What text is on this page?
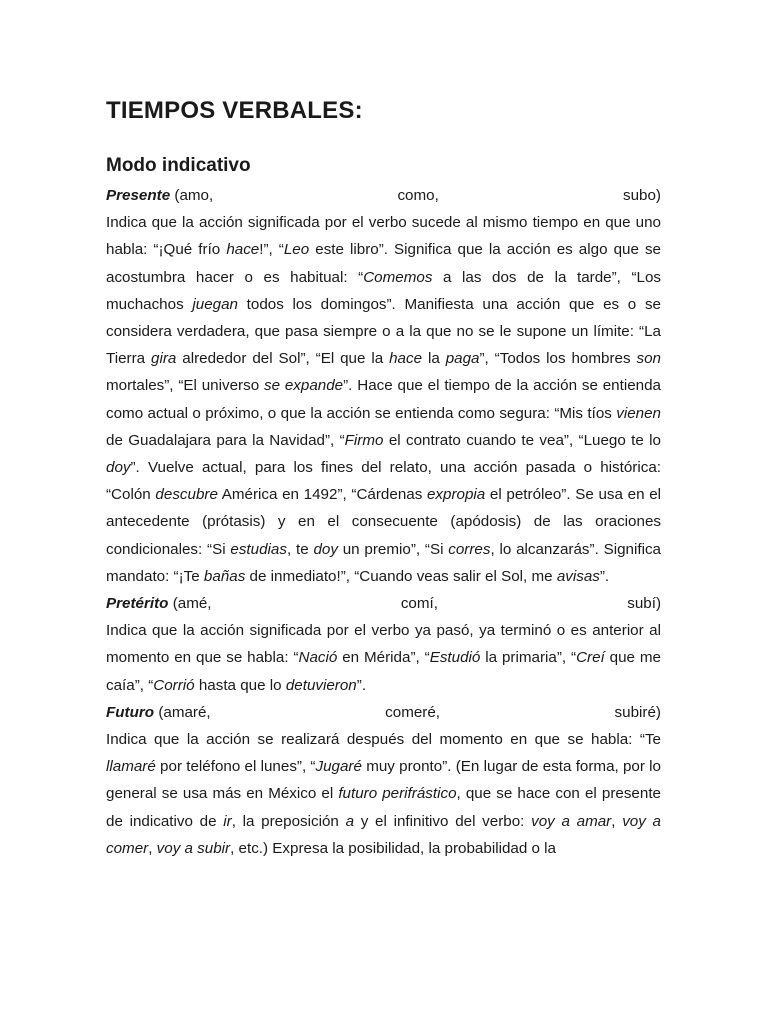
TIEMPOS VERBALES:
Modo indicativo

Presente (amo,	como,	subo)

Indica que la acción significada por el verbo sucede al mismo tiempo en que uno habla: “¡Qué frío hace!”, “Leo este libro”. Significa que la acción es algo que se acostumbra hacer o es habitual: “Comemos a las dos de la tarde”, “Los muchachos juegan todos los domingos”. Manifiesta una acción que es o se considera verdadera, que pasa siempre o a la que no se le supone un límite: “La Tierra gira alrededor del Sol”, “El que la hace la paga”, “Todos los hombres son mortales”, “El universo se expande”. Hace que el tiempo de la acción se entienda como actual o próximo, o que la acción se entienda como segura: “Mis tíos vienen de Guadalajara para la Navidad”, “Firmo el contrato cuando te vea”, “Luego te lo doy”. Vuelve actual, para los fines del relato, una acción pasada o histórica: “Colón descubre América en 1492”, “Cárdenas expropia el petróleo”. Se usa en el antecedente (prótasis) y en el consecuente (apódosis) de las oraciones condicionales: “Si estudias, te doy un premio”, “Si corres, lo alcanzarás”. Significa mandato: “¡Te bañas de inmediato!”, “Cuando veas salir el Sol, me avisas”.

Pretérito (amé,	comí,	subí)

Indica que la acción significada por el verbo ya pasó, ya terminó o es anterior al momento en que se habla: “Nació en Mérida”, “Estudió la primaria”, “Creí que me caía”, “Corrió hasta que lo detuvieron”.

Futuro (amaré,	comeré,	subiré)

Indica que la acción se realizará después del momento en que se habla: “Te llamaré por teléfono el lunes”, “Jugaré muy pronto”. (En lugar de esta forma, por lo general se usa más en México el futuro perifrástico, que se hace con el presente de indicativo de ir, la preposición a y el infinitivo del verbo: voy a amar, voy a comer, voy a subir, etc.) Expresa la posibilidad, la probabilidad o la
